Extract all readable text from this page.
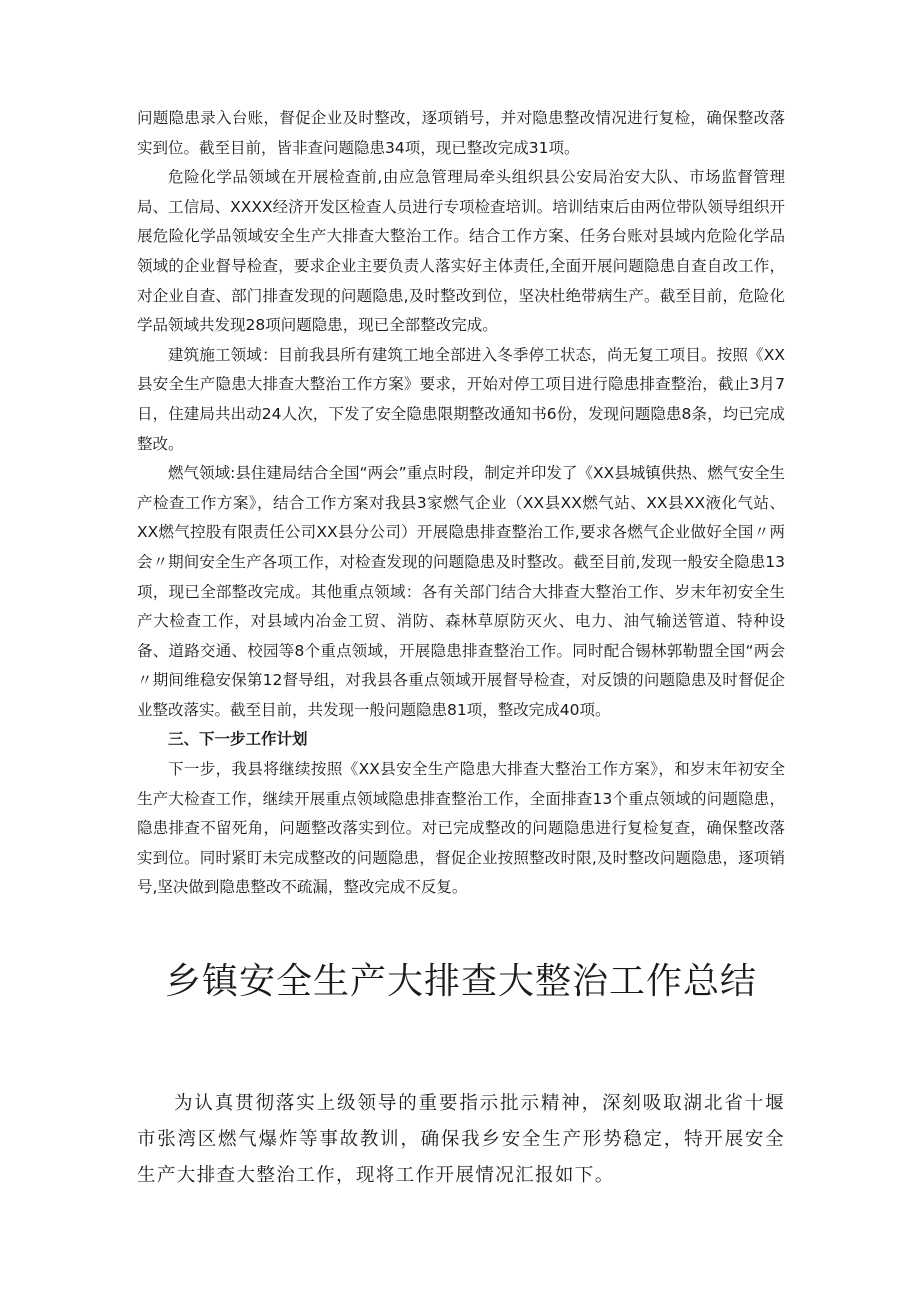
问题隐患录入台账，督促企业及时整改，逐项销号，并对隐患整改情况进行复检，确保整改落实到位。截至目前，皆非查问题隐患34项，现已整改完成31项。

危险化学品领域在开展检查前,由应急管理局牵头组织县公安局治安大队、市场监督管理局、工信局、XXXX经济开发区检查人员进行专项检查培训。培训结束后由两位带队领导组织开展危险化学品领域安全生产大排查大整治工作。结合工作方案、任务台账对县域内危险化学品领域的企业督导检查，要求企业主要负责人落实好主体责任,全面开展问题隐患自查自改工作，对企业自查、部门排查发现的问题隐患,及时整改到位，坚决杜绝带病生产。截至目前，危险化学品领域共发现28项问题隐患，现已全部整改完成。

建筑施工领域：目前我县所有建筑工地全部进入冬季停工状态，尚无复工项目。按照《XX县安全生产隐患大排查大整治工作方案》要求，开始对停工项目进行隐患排查整治，截止3月7日，住建局共出动24人次，下发了安全隐患限期整改通知书6份，发现问题隐患8条，均已完成整改。

燃气领域:县住建局结合全国“两会”重点时段，制定并印发了《XX县城镇供热、燃气安全生产检查工作方案》，结合工作方案对我县3家燃气企业（XX县XX燃气站、XX县XX液化气站、XX燃气控股有限责任公司XX县分公司）开展隐患排查整治工作,要求各燃气企业做好全国〃两会〃期间安全生产各项工作，对检查发现的问题隐患及时整改。截至目前,发现一般安全隐患13项，现已全部整改完成。其他重点领域：各有关部门结合大排查大整治工作、岁末年初安全生产大检查工作，对县域内冶金工贸、消防、森林草原防灭火、电力、油气输送管道、特种设备、道路交通、校园等8个重点领域，开展隐患排查整治工作。同时配合锡林郭勒盟全国“两会〃期间维稳安保第12督导组，对我县各重点领域开展督导检查，对反馈的问题隐患及时督促企业整改落实。截至目前，共发现一般问题隐患81项，整改完成40项。

三、下一步工作计划

下一步，我县将继续按照《XX县安全生产隐患大排查大整治工作方案》，和岁末年初安全生产大检查工作，继续开展重点领域隐患排查整治工作，全面排查13个重点领域的问题隐患，隐患排查不留死角，问题整改落实到位。对已完成整改的问题隐患进行复检复查，确保整改落实到位。同时紧盯未完成整改的问题隐患，督促企业按照整改时限,及时整改问题隐患，逐项销号,坚决做到隐患整改不疏漏，整改完成不反复。

乡镇安全生产大排查大整治工作总结

为认真贯彻落实上级领导的重要指示批示精神，深刻吸取湖北省十堰市张湾区燃气爆炸等事故教训，确保我乡安全生产形势稳定，特开展安全生产大排查大整治工作，现将工作开展情况汇报如下。
